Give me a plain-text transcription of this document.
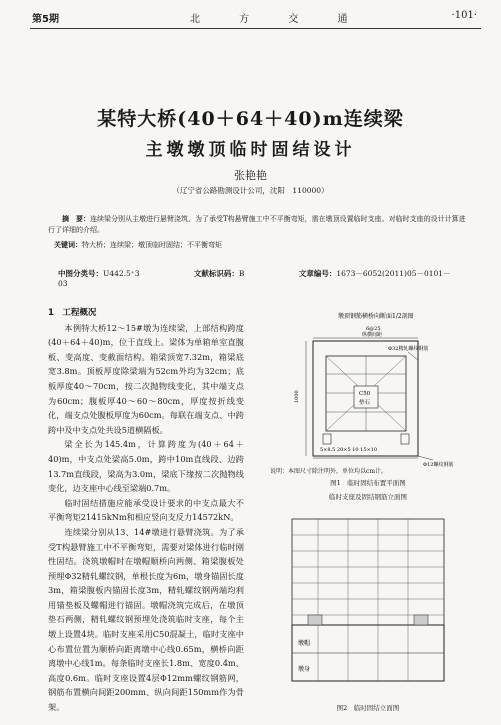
第5期	北 方 交 通	·101·
某特大桥(40＋64＋40)m连续梁
主墩墩顶临时固结设计
张艳艳
（辽宁省公路勘测设计公司，沈阳　110000）
摘　要：连续梁分别从主墩进行悬臂浇筑，为了承受T构悬臂施工中不平衡弯矩，需在墩顶设置临时支座。对临时支座的设计计算进行了详细的介绍。
关键词：特大桥；连续梁；墩顶临时固结；不平衡弯矩
中图分类号：U442.5⁺3	文献标识码：B	文章编号：1673－6052(2011)05－0101－03
1　工程概况

本例特大桥12～15#墩为连续梁，上部结构跨度(40＋64＋40)m，位于直线上。梁体为单箱单室直腹板、变高度、变截面结构。箱梁顶宽7.32m，箱梁底宽3.8m。顶板厚度除梁端为52cm外均为32cm；底板厚度40～70cm，按二次抛物线变化，其中端支点为60cm；腹板厚40～60～80cm，厚度按折线变化，端支点处腹板厚度为60cm。每联在端支点、中跨跨中及中支点处共设5道横隔板。

梁全长为145.4m，计算跨度为(40＋64＋40)m，中支点处梁高5.0m，跨中10m直线段、边跨13.7m直线段，梁高为3.0m，梁底下缘按二次抛物线变化，边支座中心线至梁端0.7m。

临时固结措施应能承受设计要求的中支点最大不平衡弯矩21415kNm和相应竖向支反力14572kN。

连续梁分别从13、14#墩进行悬臂浇筑。为了承受T构悬臂施工中不平衡弯矩，需要对梁体进行临时刚性固结。浇筑墩帽时在墩帽顺桥向两侧、箱梁腹板处预埋Φ32精轧螺纹钢，单根长度为6m，墩身锚固长度3m，箱梁腹板内锚固长度3m，精轧螺纹钢两端均利用锚垫板及螺帽进行锚固。墩帽浇筑完成后，在墩顶垫石两侧，精轧螺纹钢预埋处浇筑临时支座，每个主墩上设置4块。临时支座采用C50混凝土，临时支座中心布置位置为顺桥向距离墩中心线0.65m，横桥向距离墩中心线1m。每条临时支座长1.8m、宽度0.4m、高度0.6m。临时支座设置4层Φ12mm螺纹钢筋网，钢筋布置横向间距200mm、纵向间距150mm作为骨架。

墩顶钢筋横桥向断面1/2剖图
6@25
纵横间距
C50
垫石
Φ32精轧螺纹钢筋
5×8.5 20×5 10 15×10
Φ12螺纹钢筋
1000
说明：本图尺寸除注明外，单位均以cm计。
图1　临时固结布置平面图
临时支座及固结钢筋立面图
墩帽
墩身
图2　临时固结立面图
